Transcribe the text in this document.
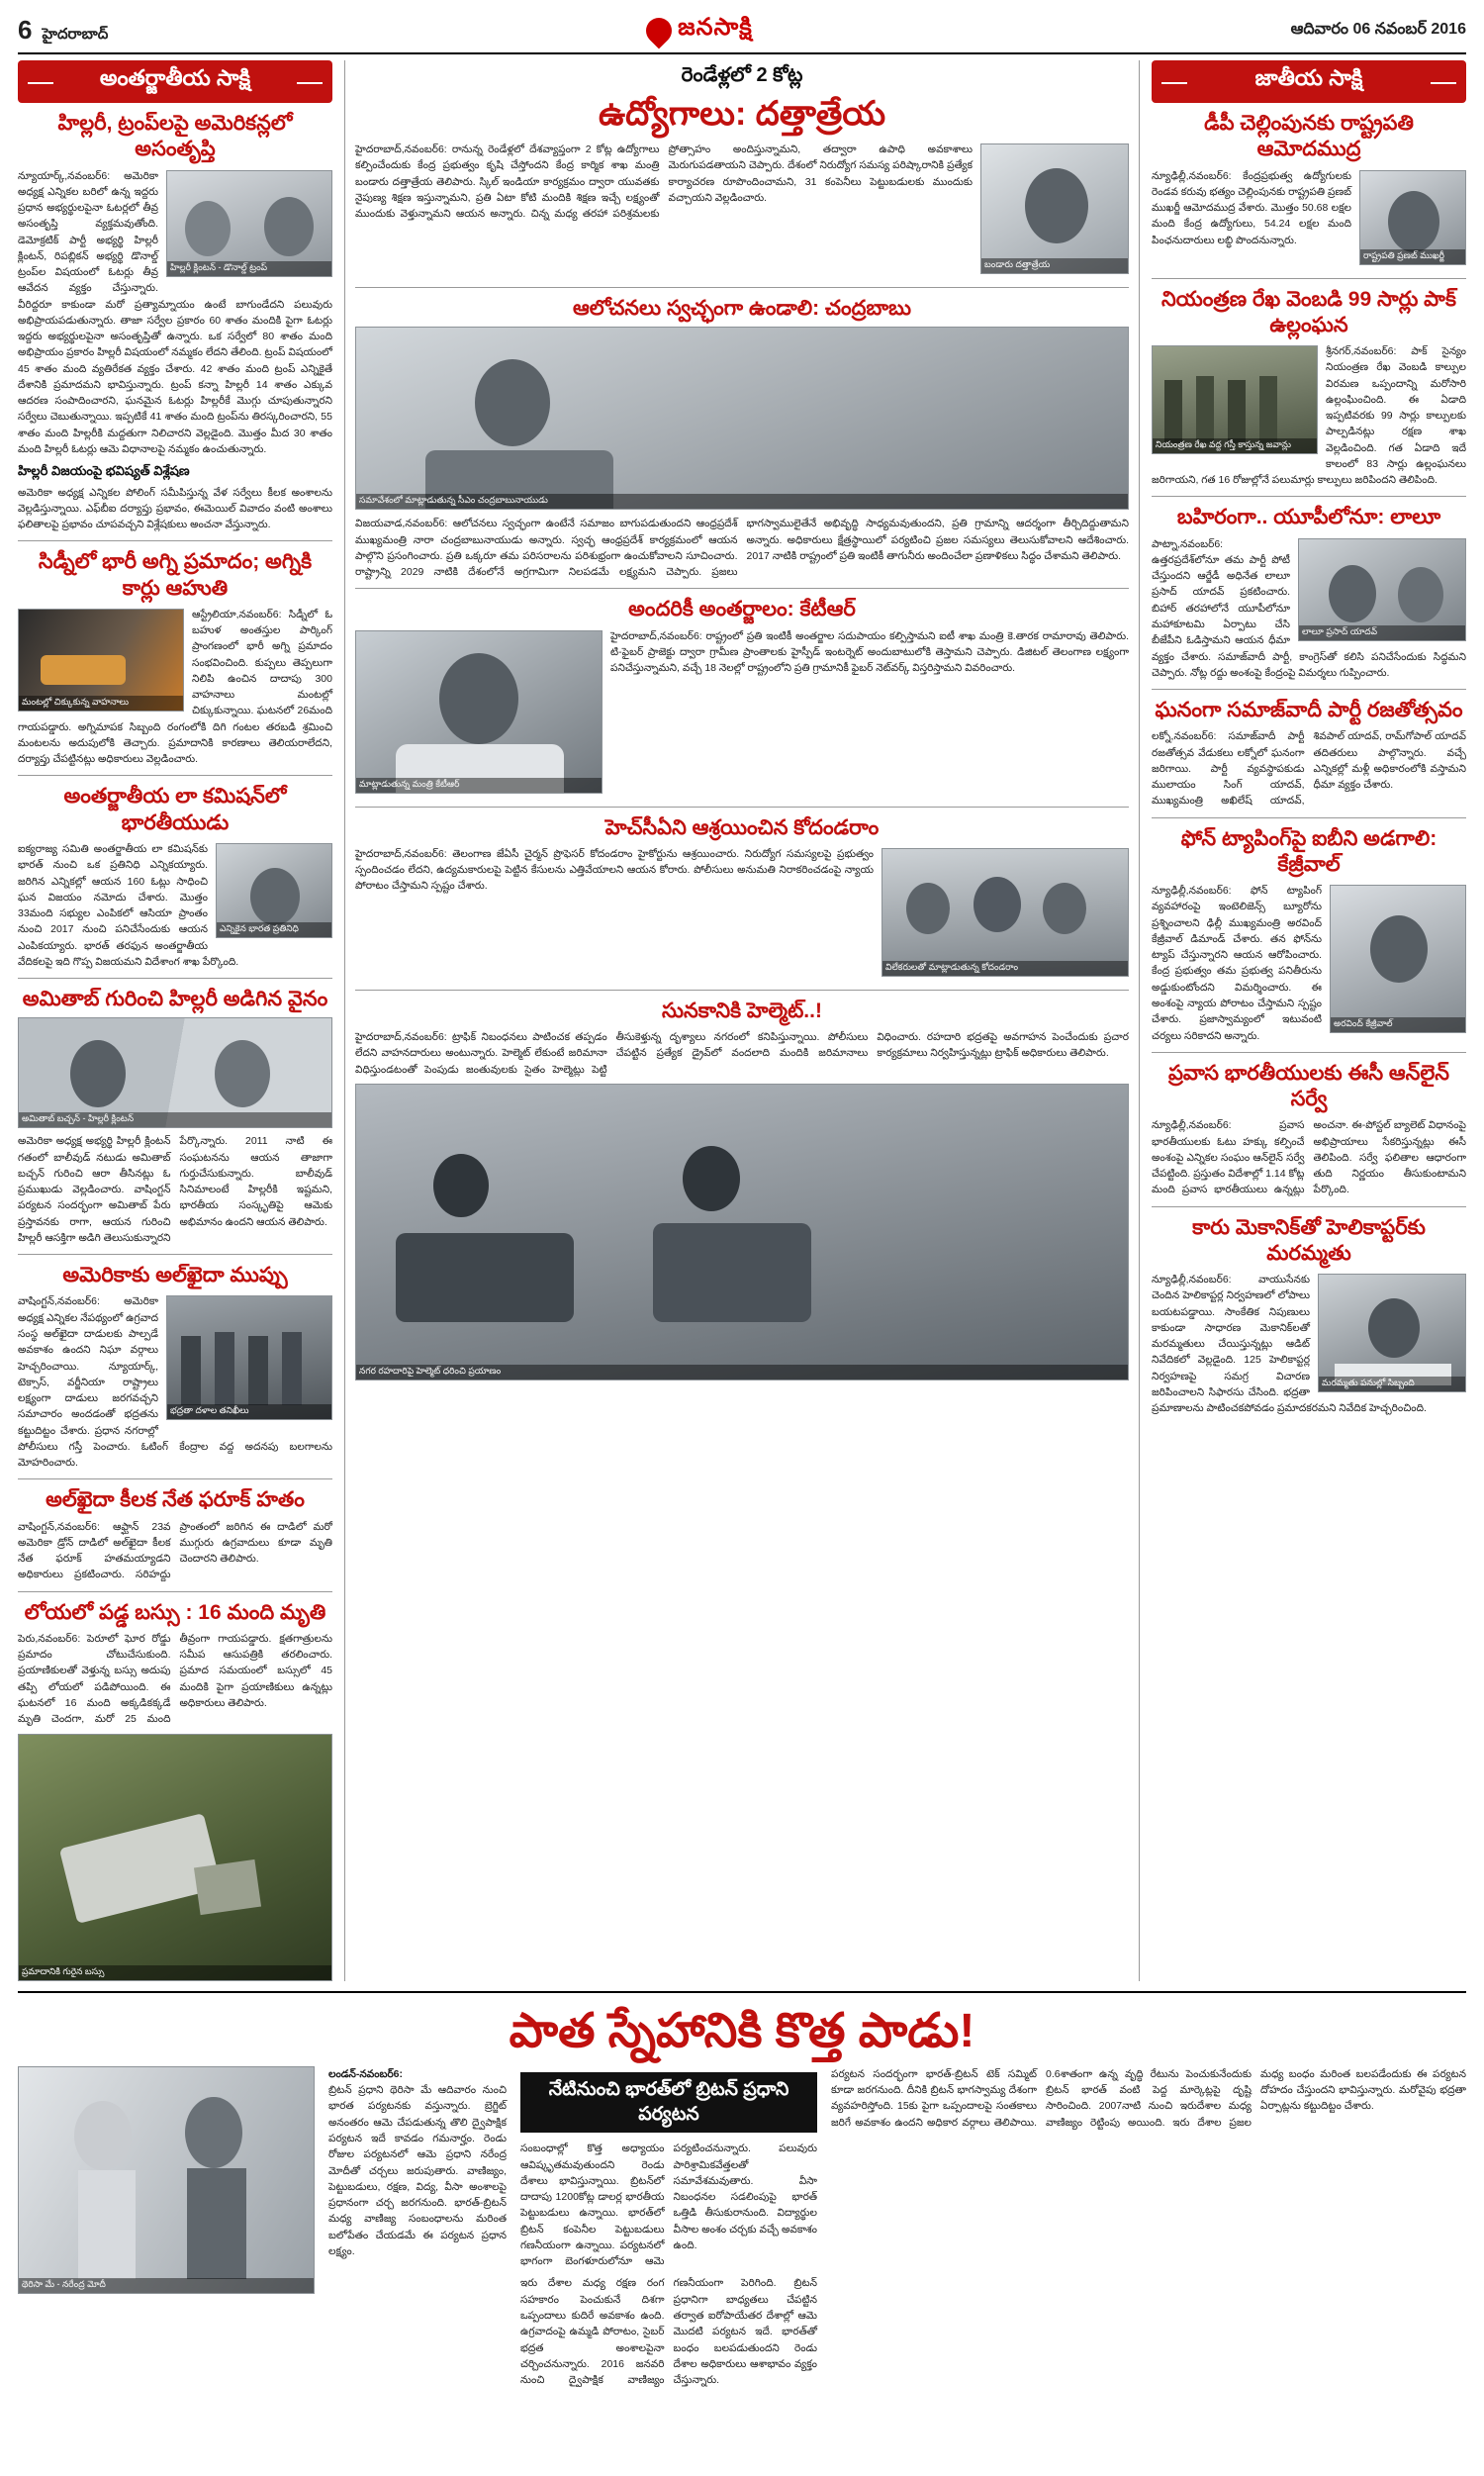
6 హైదరాబాద్	జనసాక్షి	ఆదివారం 06 నవంబర్ 2016
అంతర్జాతీయ సాక్షి
హిల్లరీ, ట్రంప్‌లపై అమెరికన్లలో అసంతృప్తి
హిల్లరీ క్లింటన్ - డొనాల్డ్ ట్రంప్
న్యూయార్క్,నవంబర్6: అమెరికా అధ్యక్ష ఎన్నికల బరిలో ఉన్న ఇద్దరు ప్రధాన అభ్యర్థులపైనా ఓటర్లలో తీవ్ర అసంతృప్తి వ్యక్తమవుతోంది. డెమోక్రటిక్ పార్టీ అభ్యర్థి హిల్లరీ క్లింటన్, రిపబ్లికన్ అభ్యర్థి డొనాల్డ్ ట్రంప్‌ల విషయంలో ఓటర్లు తీవ్ర ఆవేదన వ్యక్తం చేస్తున్నారు. వీరిద్దరూ కాకుండా మరో ప్రత్యామ్నాయం ఉంటే బాగుండేదని పలువురు అభిప్రాయపడుతున్నారు. తాజా సర్వేల ప్రకారం 60 శాతం మందికి పైగా ఓటర్లు ఇద్దరు అభ్యర్థులపైనా అసంతృప్తితో ఉన్నారు. ఒక సర్వేలో 80 శాతం మంది అభిప్రాయం ప్రకారం హిల్లరీ విషయంలో నమ్మకం లేదని తేలింది. ట్రంప్ విషయంలో 45 శాతం మంది వ్యతిరేకత వ్యక్తం చేశారు. 42 శాతం మంది ట్రంప్ ఎన్నికైతే దేశానికి ప్రమాదమని భావిస్తున్నారు. ట్రంప్ కన్నా హిల్లరీ 14 శాతం ఎక్కువ ఆదరణ సంపాదించారని, ఘనమైన ఓటర్లు హిల్లరీకే మొగ్గు చూపుతున్నారని సర్వేలు చెబుతున్నాయి. ఇప్పటికే 41 శాతం మంది ట్రంప్‌ను తిరస్కరించారని, 55 శాతం మంది హిల్లరీకి మద్దతుగా నిలిచారని వెల్లడైంది. మొత్తం మీద 30 శాతం మంది హిల్లరీ ఓటర్లు ఆమె విధానాలపై నమ్మకం ఉంచుతున్నారు.
హిల్లరీ విజయంపై భవిష్యత్ విశ్లేషణ
అమెరికా అధ్యక్ష ఎన్నికల పోలింగ్ సమీపిస్తున్న వేళ సర్వేలు కీలక అంశాలను వెల్లడిస్తున్నాయి. ఎఫ్‌బీఐ దర్యాప్తు ప్రభావం, ఈమెయిల్ వివాదం వంటి అంశాలు ఫలితాలపై ప్రభావం చూపవచ్చని విశ్లేషకులు అంచనా వేస్తున్నారు.
సిడ్నీలో భారీ అగ్ని ప్రమాదం; అగ్నికి కార్లు ఆహుతి
మంటల్లో చిక్కుకున్న వాహనాలు
ఆస్ట్రేలియా,నవంబర్6: సిడ్నీలో ఓ బహుళ అంతస్తుల పార్కింగ్ ప్రాంగణంలో భారీ అగ్ని ప్రమాదం సంభవించింది. కుప్పలు తెప్పలుగా నిలిపి ఉంచిన దాదాపు 300 వాహనాలు మంటల్లో చిక్కుకున్నాయి. ఘటనలో 26మంది గాయపడ్డారు. అగ్నిమాపక సిబ్బంది రంగంలోకి దిగి గంటల తరబడి శ్రమించి మంటలను అదుపులోకి తెచ్చారు. ప్రమాదానికి కారణాలు తెలియరాలేదని, దర్యాప్తు చేపట్టినట్లు అధికారులు వెల్లడించారు.
అంతర్జాతీయ లా కమిషన్‌లో భారతీయుడు
ఎన్నికైన భారత ప్రతినిధి
ఐక్యరాజ్య సమితి అంతర్జాతీయ లా కమిషన్‌కు భారత్ నుంచి ఒక ప్రతినిధి ఎన్నికయ్యారు. జరిగిన ఎన్నికల్లో ఆయన 160 ఓట్లు సాధించి ఘన విజయం నమోదు చేశారు. మొత్తం 33మంది సభ్యుల ఎంపికలో ఆసియా ప్రాంతం నుంచి 2017 నుంచి పనిచేసేందుకు ఆయన ఎంపికయ్యారు. భారత్ తరఫున అంతర్జాతీయ వేదికలపై ఇది గొప్ప విజయమని విదేశాంగ శాఖ పేర్కొంది.
అమితాబ్ గురించి హిల్లరీ అడిగిన వైనం
అమితాబ్ బచ్చన్ - హిల్లరీ క్లింటన్
అమెరికా అధ్యక్ష అభ్యర్థి హిల్లరీ క్లింటన్ గతంలో బాలీవుడ్ నటుడు అమితాబ్ బచ్చన్ గురించి ఆరా తీసినట్లు ఓ ప్రముఖుడు వెల్లడించారు. వాషింగ్టన్ పర్యటన సందర్భంగా అమితాబ్ పేరు ప్రస్తావనకు రాగా, ఆయన గురించి హిల్లరీ ఆసక్తిగా అడిగి తెలుసుకున్నారని పేర్కొన్నారు. 2011 నాటి ఈ సంఘటనను ఆయన తాజాగా గుర్తుచేసుకున్నారు. బాలీవుడ్ సినిమాలంటే హిల్లరీకి ఇష్టమని, భారతీయ సంస్కృతిపై ఆమెకు అభిమానం ఉందని ఆయన తెలిపారు.
అమెరికాకు అల్‌ఖైదా ముప్పు
భద్రతా దళాల తనిఖీలు
వాషింగ్టన్,నవంబర్6: అమెరికా అధ్యక్ష ఎన్నికల నేపథ్యంలో ఉగ్రవాద సంస్థ అల్‌ఖైదా దాడులకు పాల్పడే అవకాశం ఉందని నిఘా వర్గాలు హెచ్చరించాయి. న్యూయార్క్, టెక్సాస్, వర్జీనియా రాష్ట్రాలు లక్ష్యంగా దాడులు జరగవచ్చని సమాచారం అందడంతో భద్రతను కట్టుదిట్టం చేశారు. ప్రధాన నగరాల్లో పోలీసులు గస్తీ పెంచారు. ఓటింగ్ కేంద్రాల వద్ద అదనపు బలగాలను మోహరించారు.
అల్‌ఖైదా కీలక నేత ఫరూక్ హతం
వాషింగ్టన్,నవంబర్6: ఆఫ్ఘాన్ 23వ అమెరికా డ్రోన్ దాడిలో అల్‌ఖైదా కీలక నేత ఫరూక్ హతమయ్యాడని అధికారులు ప్రకటించారు. సరిహద్దు ప్రాంతంలో జరిగిన ఈ దాడిలో మరో ముగ్గురు ఉగ్రవాదులు కూడా మృతి చెందారని తెలిపారు.
లోయలో పడ్డ బస్సు : 16 మంది మృతి
పెరు,నవంబర్6: పెరూలో ఘోర రోడ్డు ప్రమాదం చోటుచేసుకుంది. ప్రయాణికులతో వెళ్తున్న బస్సు అదుపు తప్పి లోయలో పడిపోయింది. ఈ ఘటనలో 16 మంది అక్కడికక్కడే మృతి చెందగా, మరో 25 మంది తీవ్రంగా గాయపడ్డారు. క్షతగాత్రులను సమీప ఆసుపత్రికి తరలించారు. ప్రమాద సమయంలో బస్సులో 45 మందికి పైగా ప్రయాణికులు ఉన్నట్లు అధికారులు తెలిపారు.
ప్రమాదానికి గురైన బస్సు
రెండేళ్లలో 2 కోట్ల
ఉద్యోగాలు: దత్తాత్రేయ
బండారు దత్తాత్రేయ
హైదరాబాద్,నవంబర్6: రానున్న రెండేళ్లలో దేశవ్యాప్తంగా 2 కోట్ల ఉద్యోగాలు కల్పించేందుకు కేంద్ర ప్రభుత్వం కృషి చేస్తోందని కేంద్ర కార్మిక శాఖ మంత్రి బండారు దత్తాత్రేయ తెలిపారు. స్కిల్ ఇండియా కార్యక్రమం ద్వారా యువతకు నైపుణ్య శిక్షణ ఇస్తున్నామని, ప్రతి ఏటా కోటి మందికి శిక్షణ ఇచ్చే లక్ష్యంతో ముందుకు వెళ్తున్నామని ఆయన అన్నారు. చిన్న మధ్య తరహా పరిశ్రమలకు ప్రోత్సాహం అందిస్తున్నామని, తద్వారా ఉపాధి అవకాశాలు మెరుగుపడతాయని చెప్పారు. దేశంలో నిరుద్యోగ సమస్య పరిష్కారానికి ప్రత్యేక కార్యాచరణ రూపొందించామని, 31 కంపెనీలు పెట్టుబడులకు ముందుకు వచ్చాయని వెల్లడించారు.
ఆలోచనలు స్వచ్ఛంగా ఉండాలి: చంద్రబాబు
సమావేశంలో మాట్లాడుతున్న సీఎం చంద్రబాబునాయుడు
విజయవాడ,నవంబర్6: ఆలోచనలు స్వచ్ఛంగా ఉంటేనే సమాజం బాగుపడుతుందని ఆంధ్రప్రదేశ్ ముఖ్యమంత్రి నారా చంద్రబాబునాయుడు అన్నారు. స్వచ్ఛ ఆంధ్రప్రదేశ్ కార్యక్రమంలో ఆయన పాల్గొని ప్రసంగించారు. ప్రతి ఒక్కరూ తమ పరిసరాలను పరిశుభ్రంగా ఉంచుకోవాలని సూచించారు. రాష్ట్రాన్ని 2029 నాటికి దేశంలోనే అగ్రగామిగా నిలపడమే లక్ష్యమని చెప్పారు. ప్రజలు భాగస్వాములైతేనే అభివృద్ధి సాధ్యమవుతుందని, ప్రతి గ్రామాన్ని ఆదర్శంగా తీర్చిదిద్దుతామని అన్నారు. అధికారులు క్షేత్రస్థాయిలో పర్యటించి ప్రజల సమస్యలు తెలుసుకోవాలని ఆదేశించారు. 2017 నాటికి రాష్ట్రంలో ప్రతి ఇంటికీ తాగునీరు అందించేలా ప్రణాళికలు సిద్ధం చేశామని తెలిపారు.
అందరికీ అంతర్జాలం: కేటీఆర్
మాట్లాడుతున్న మంత్రి కేటీఆర్
హైదరాబాద్,నవంబర్6: రాష్ట్రంలో ప్రతి ఇంటికీ అంతర్జాల సదుపాయం కల్పిస్తామని ఐటీ శాఖ మంత్రి కె.తారక రామారావు తెలిపారు. టి-ఫైబర్ ప్రాజెక్టు ద్వారా గ్రామీణ ప్రాంతాలకు హైస్పీడ్ ఇంటర్నెట్ అందుబాటులోకి తెస్తామని చెప్పారు. డిజిటల్ తెలంగాణ లక్ష్యంగా పనిచేస్తున్నామని, వచ్చే 18 నెలల్లో రాష్ట్రంలోని ప్రతి గ్రామానికీ ఫైబర్ నెట్‌వర్క్ విస్తరిస్తామని వివరించారు.
హెచ్‌సీఏని ఆశ్రయించిన కోదండరాం
విలేకరులతో మాట్లాడుతున్న కోదండరాం
హైదరాబాద్,నవంబర్6: తెలంగాణ జేఏసీ చైర్మన్ ప్రొఫెసర్ కోదండరాం హైకోర్టును ఆశ్రయించారు. నిరుద్యోగ సమస్యలపై ప్రభుత్వం స్పందించడం లేదని, ఉద్యమకారులపై పెట్టిన కేసులను ఎత్తివేయాలని ఆయన కోరారు. పోలీసులు అనుమతి నిరాకరించడంపై న్యాయ పోరాటం చేస్తామని స్పష్టం చేశారు.
సునకానికి హెల్మెట్..!
హైదరాబాద్,నవంబర్6: ట్రాఫిక్ నిబంధనలు పాటించక తప్పడం లేదని వాహనదారులు అంటున్నారు. హెల్మెట్ లేకుంటే జరిమానా విధిస్తుండటంతో పెంపుడు జంతువులకు సైతం హెల్మెట్లు పెట్టి తీసుకెళ్తున్న దృశ్యాలు నగరంలో కనిపిస్తున్నాయి. పోలీసులు చేపట్టిన ప్రత్యేక డ్రైవ్‌లో వందలాది మందికి జరిమానాలు విధించారు. రహదారి భద్రతపై అవగాహన పెంచేందుకు ప్రచార కార్యక్రమాలు నిర్వహిస్తున్నట్లు ట్రాఫిక్ అధికారులు తెలిపారు.
నగర రహదారిపై హెల్మెట్ ధరించి ప్రయాణం
జాతీయ సాక్షి
డీపీ చెల్లింపునకు రాష్ట్రపతి ఆమోదముద్ర
రాష్ట్రపతి ప్రణబ్ ముఖర్జీ
న్యూఢిల్లీ,నవంబర్6: కేంద్రప్రభుత్వ ఉద్యోగులకు రెండవ కరువు భత్యం చెల్లింపునకు రాష్ట్రపతి ప్రణబ్ ముఖర్జీ ఆమోదముద్ర వేశారు. మొత్తం 50.68 లక్షల మంది కేంద్ర ఉద్యోగులు, 54.24 లక్షల మంది పింఛనుదారులు లబ్ధి పొందనున్నారు.
నియంత్రణ రేఖ వెంబడి 99 సార్లు పాక్ ఉల్లంఘన
నియంత్రణ రేఖ వద్ద గస్తీ కాస్తున్న జవాన్లు
శ్రీనగర్,నవంబర్6: పాక్ సైన్యం నియంత్రణ రేఖ వెంబడి కాల్పుల విరమణ ఒప్పందాన్ని మరోసారి ఉల్లంఘించింది. ఈ ఏడాది ఇప్పటివరకు 99 సార్లు కాల్పులకు పాల్పడినట్లు రక్షణ శాఖ వెల్లడించింది. గత ఏడాది ఇదే కాలంలో 83 సార్లు ఉల్లంఘనలు జరిగాయని, గత 16 రోజుల్లోనే పలుమార్లు కాల్పులు జరిపిందని తెలిపింది.
బహిరంగా.. యూపీలోనూ: లాలూ
లాలూ ప్రసాద్ యాదవ్
పాట్నా,నవంబర్6: ఉత్తరప్రదేశ్‌లోనూ తమ పార్టీ పోటీ చేస్తుందని ఆర్జేడీ అధినేత లాలూ ప్రసాద్ యాదవ్ ప్రకటించారు. బిహార్ తరహాలోనే యూపీలోనూ మహాకూటమి ఏర్పాటు చేసి బీజేపీని ఓడిస్తామని ఆయన ధీమా వ్యక్తం చేశారు. సమాజ్‌వాదీ పార్టీ, కాంగ్రెస్‌తో కలిసి పనిచేసేందుకు సిద్ధమని చెప్పారు. నోట్ల రద్దు అంశంపై కేంద్రంపై విమర్శలు గుప్పించారు.
ఘనంగా సమాజ్‌వాదీ పార్టీ రజతోత్సవం
లక్నో,నవంబర్6: సమాజ్‌వాదీ పార్టీ రజతోత్సవ వేడుకలు లక్నోలో ఘనంగా జరిగాయి. పార్టీ వ్యవస్థాపకుడు ములాయం సింగ్ యాదవ్, ముఖ్యమంత్రి అఖిలేష్ యాదవ్, శివపాల్ యాదవ్, రామ్‌గోపాల్ యాదవ్ తదితరులు పాల్గొన్నారు. వచ్చే ఎన్నికల్లో మళ్లీ అధికారంలోకి వస్తామని ధీమా వ్యక్తం చేశారు.
ఫోన్ ట్యాపింగ్‌పై ఐబీని అడగాలి: కేజ్రీవాల్
అరవింద్ కేజ్రీవాల్
న్యూఢిల్లీ,నవంబర్6: ఫోన్ ట్యాపింగ్ వ్యవహారంపై ఇంటెలిజెన్స్ బ్యూరోను ప్రశ్నించాలని ఢిల్లీ ముఖ్యమంత్రి అరవింద్ కేజ్రీవాల్ డిమాండ్ చేశారు. తన ఫోన్‌ను ట్యాప్ చేస్తున్నారని ఆయన ఆరోపించారు. కేంద్ర ప్రభుత్వం తమ ప్రభుత్వ పనితీరును అడ్డుకుంటోందని విమర్శించారు. ఈ అంశంపై న్యాయ పోరాటం చేస్తామని స్పష్టం చేశారు. ప్రజాస్వామ్యంలో ఇటువంటి చర్యలు సరికాదని అన్నారు.
ప్రవాస భారతీయులకు ఈసీ ఆన్‌లైన్ సర్వే
న్యూఢిల్లీ,నవంబర్6: ప్రవాస భారతీయులకు ఓటు హక్కు కల్పించే అంశంపై ఎన్నికల సంఘం ఆన్‌లైన్ సర్వే చేపట్టింది. ప్రస్తుతం విదేశాల్లో 1.14 కోట్ల మంది ప్రవాస భారతీయులు ఉన్నట్లు అంచనా. ఈ-పోస్టల్ బ్యాలెట్ విధానంపై అభిప్రాయాలు సేకరిస్తున్నట్లు ఈసీ తెలిపింది. సర్వే ఫలితాల ఆధారంగా తుది నిర్ణయం తీసుకుంటామని పేర్కొంది.
కారు మెకానిక్‌తో హెలికాప్టర్‌కు మరమ్మతు
మరమ్మతు పనుల్లో సిబ్బంది
న్యూఢిల్లీ,నవంబర్6: వాయుసేనకు చెందిన హెలికాప్టర్ల నిర్వహణలో లోపాలు బయటపడ్డాయి. సాంకేతిక నిపుణులు కాకుండా సాధారణ మెకానిక్‌లతో మరమ్మతులు చేయిస్తున్నట్లు ఆడిట్ నివేదికలో వెల్లడైంది. 125 హెలికాప్టర్ల నిర్వహణపై సమగ్ర విచారణ జరిపించాలని సిఫారసు చేసింది. భద్రతా ప్రమాణాలను పాటించకపోవడం ప్రమాదకరమని నివేదిక హెచ్చరించింది.
పాత స్నేహానికి కొత్త పాడు!
థెరిసా మే - నరేంద్ర మోదీ
లండన్-నవంబర్6:
బ్రిటన్ ప్రధాని థెరిసా మే ఆదివారం నుంచి భారత పర్యటనకు వస్తున్నారు. బ్రెగ్జిట్ అనంతరం ఆమె చేపడుతున్న తొలి ద్వైపాక్షిక పర్యటన ఇదే కావడం గమనార్హం. రెండు రోజుల పర్యటనలో ఆమె ప్రధాని నరేంద్ర మోదీతో చర్చలు జరుపుతారు. వాణిజ్యం, పెట్టుబడులు, రక్షణ, విద్య, వీసా అంశాలపై ప్రధానంగా చర్చ జరగనుంది. భారత్-బ్రిటన్ మధ్య వాణిజ్య సంబంధాలను మరింత బలోపేతం చేయడమే ఈ పర్యటన ప్రధాన లక్ష్యం.
నేటినుంచి భారత్‌లో బ్రిటన్ ప్రధాని పర్యటన
సంబంధాల్లో కొత్త అధ్యాయం ఆవిష్కృతమవుతుందని రెండు దేశాలు భావిస్తున్నాయి. బ్రిటన్‌లో దాదాపు 1200కోట్ల డాలర్ల భారతీయ పెట్టుబడులు ఉన్నాయి. భారత్‌లో బ్రిటన్ కంపెనీల పెట్టుబడులు గణనీయంగా ఉన్నాయి. పర్యటనలో భాగంగా బెంగళూరులోనూ ఆమె పర్యటించనున్నారు. పలువురు పారిశ్రామికవేత్తలతో సమావేశమవుతారు. వీసా నిబంధనల సడలింపుపై భారత్ ఒత్తిడి తీసుకురానుంది. విద్యార్థుల వీసాల అంశం చర్చకు వచ్చే అవకాశం ఉంది.
ఇరు దేశాల మధ్య రక్షణ రంగ సహకారం పెంచుకునే దిశగా ఒప్పందాలు కుదిరే అవకాశం ఉంది. ఉగ్రవాదంపై ఉమ్మడి పోరాటం, సైబర్ భద్రత అంశాలపైనా చర్చించనున్నారు. 2016 జనవరి నుంచి ద్వైపాక్షిక వాణిజ్యం గణనీయంగా పెరిగింది. బ్రిటన్ ప్రధానిగా బాధ్యతలు చేపట్టిన తర్వాత ఐరోపాయేతర దేశాల్లో ఆమె మొదటి పర్యటన ఇదే. భారత్‌తో బంధం బలపడుతుందని రెండు దేశాల అధికారులు ఆశాభావం వ్యక్తం చేస్తున్నారు.
పర్యటన సందర్భంగా భారత్-బ్రిటన్ టెక్ సమ్మిట్ కూడా జరగనుంది. దీనికి బ్రిటన్ భాగస్వామ్య దేశంగా వ్యవహరిస్తోంది. 15కు పైగా ఒప్పందాలపై సంతకాలు జరిగే అవకాశం ఉందని అధికార వర్గాలు తెలిపాయి. 0.6శాతంగా ఉన్న వృద్ధి రేటును పెంచుకునేందుకు బ్రిటన్ భారత్ వంటి పెద్ద మార్కెట్లపై దృష్టి సారించింది. 2007నాటి నుంచి ఇరుదేశాల మధ్య వాణిజ్యం రెట్టింపు అయింది. ఇరు దేశాల ప్రజల మధ్య బంధం మరింత బలపడేందుకు ఈ పర్యటన దోహదం చేస్తుందని భావిస్తున్నారు. మరోవైపు భద్రతా ఏర్పాట్లను కట్టుదిట్టం చేశారు.
